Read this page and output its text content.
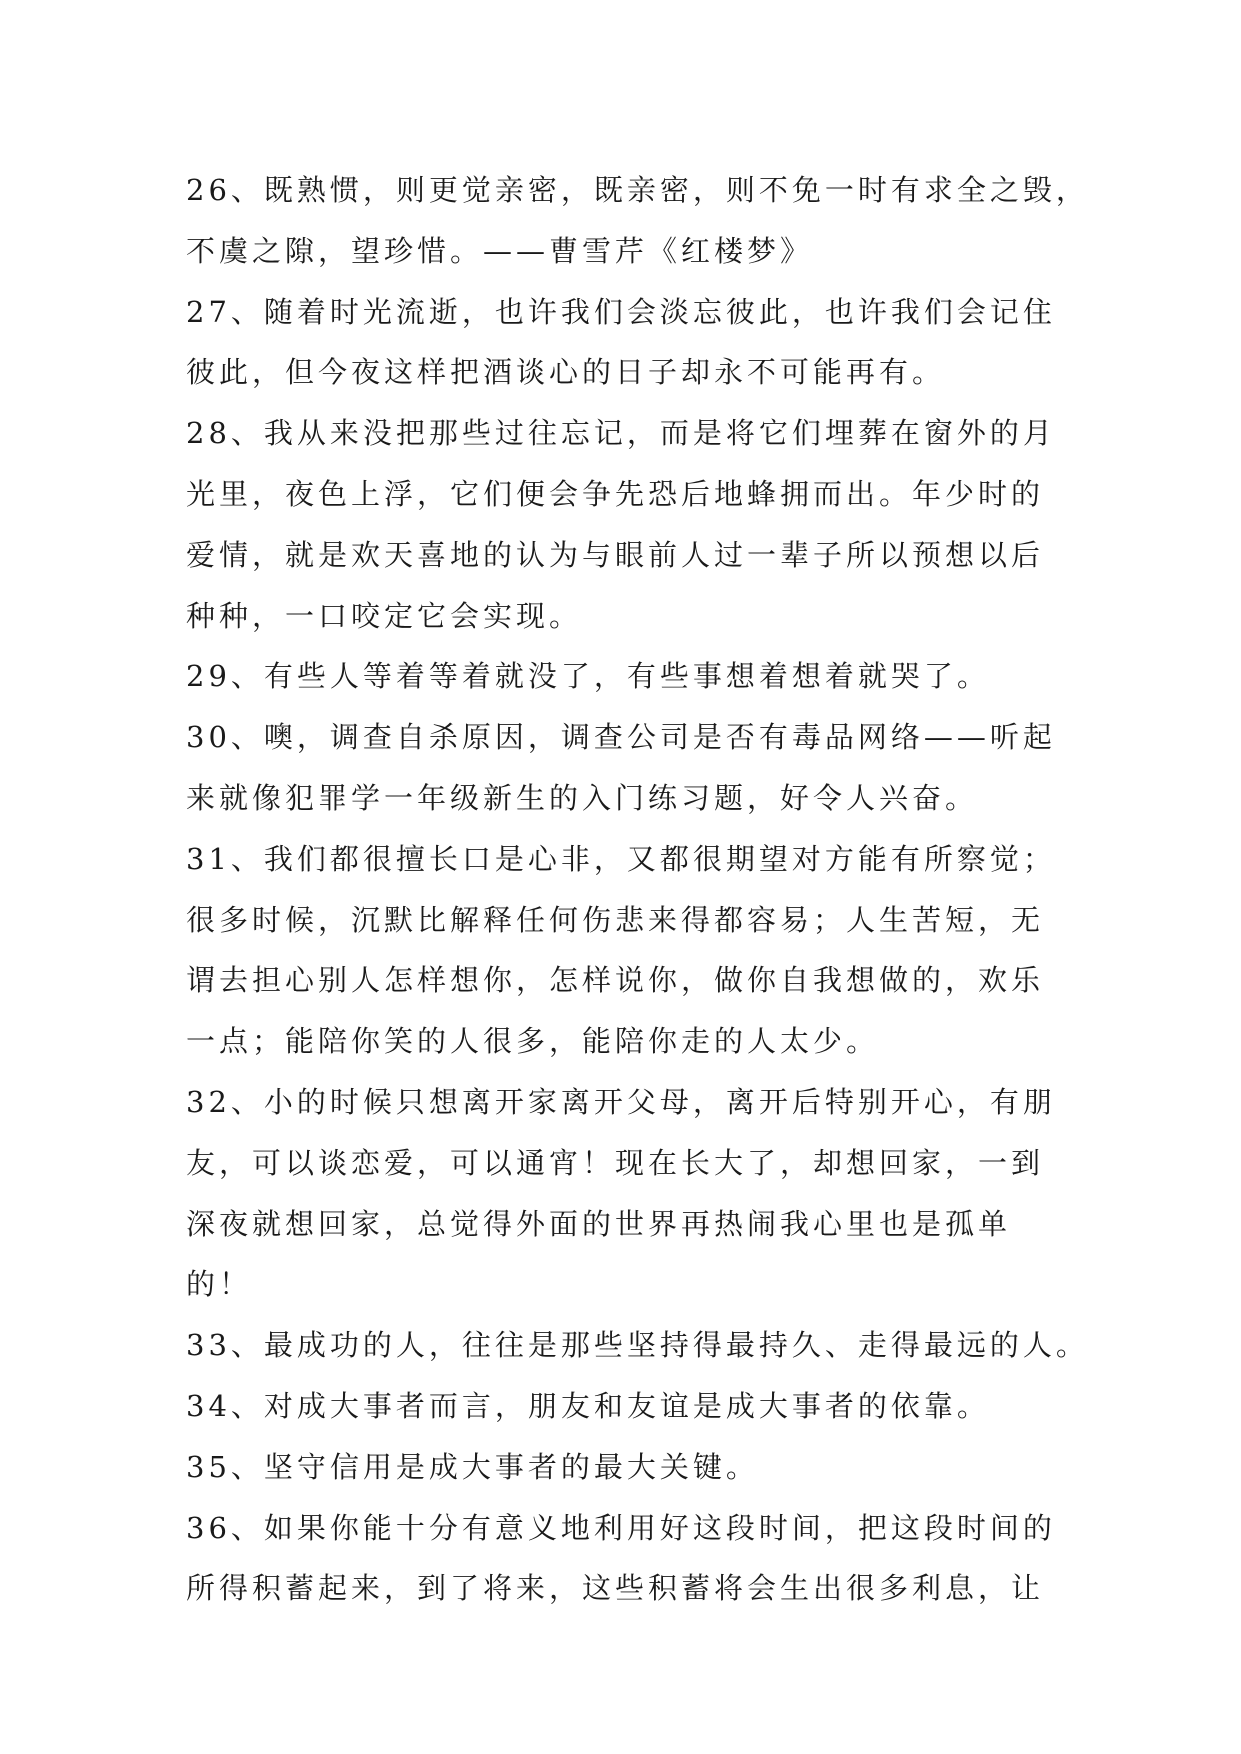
26、既熟惯，则更觉亲密，既亲密，则不免一时有求全之毁，
不虞之隙，望珍惜。——曹雪芹《红楼梦》
27、随着时光流逝，也许我们会淡忘彼此，也许我们会记住
彼此，但今夜这样把酒谈心的日子却永不可能再有。
28、我从来没把那些过往忘记，而是将它们埋葬在窗外的月
光里，夜色上浮，它们便会争先恐后地蜂拥而出。年少时的
爱情，就是欢天喜地的认为与眼前人过一辈子所以预想以后
种种，一口咬定它会实现。
29、有些人等着等着就没了，有些事想着想着就哭了。
30、噢，调查自杀原因，调查公司是否有毒品网络——听起
来就像犯罪学一年级新生的入门练习题，好令人兴奋。
31、我们都很擅长口是心非，又都很期望对方能有所察觉；
很多时候，沉默比解释任何伤悲来得都容易；人生苦短，无
谓去担心别人怎样想你，怎样说你，做你自我想做的，欢乐
一点；能陪你笑的人很多，能陪你走的人太少。
32、小的时候只想离开家离开父母，离开后特别开心，有朋
友，可以谈恋爱，可以通宵！现在长大了，却想回家，一到
深夜就想回家，总觉得外面的世界再热闹我心里也是孤单
的！
33、最成功的人，往往是那些坚持得最持久、走得最远的人。
34、对成大事者而言，朋友和友谊是成大事者的依靠。
35、坚守信用是成大事者的最大关键。
36、如果你能十分有意义地利用好这段时间，把这段时间的
所得积蓄起来，到了将来，这些积蓄将会生出很多利息，让
